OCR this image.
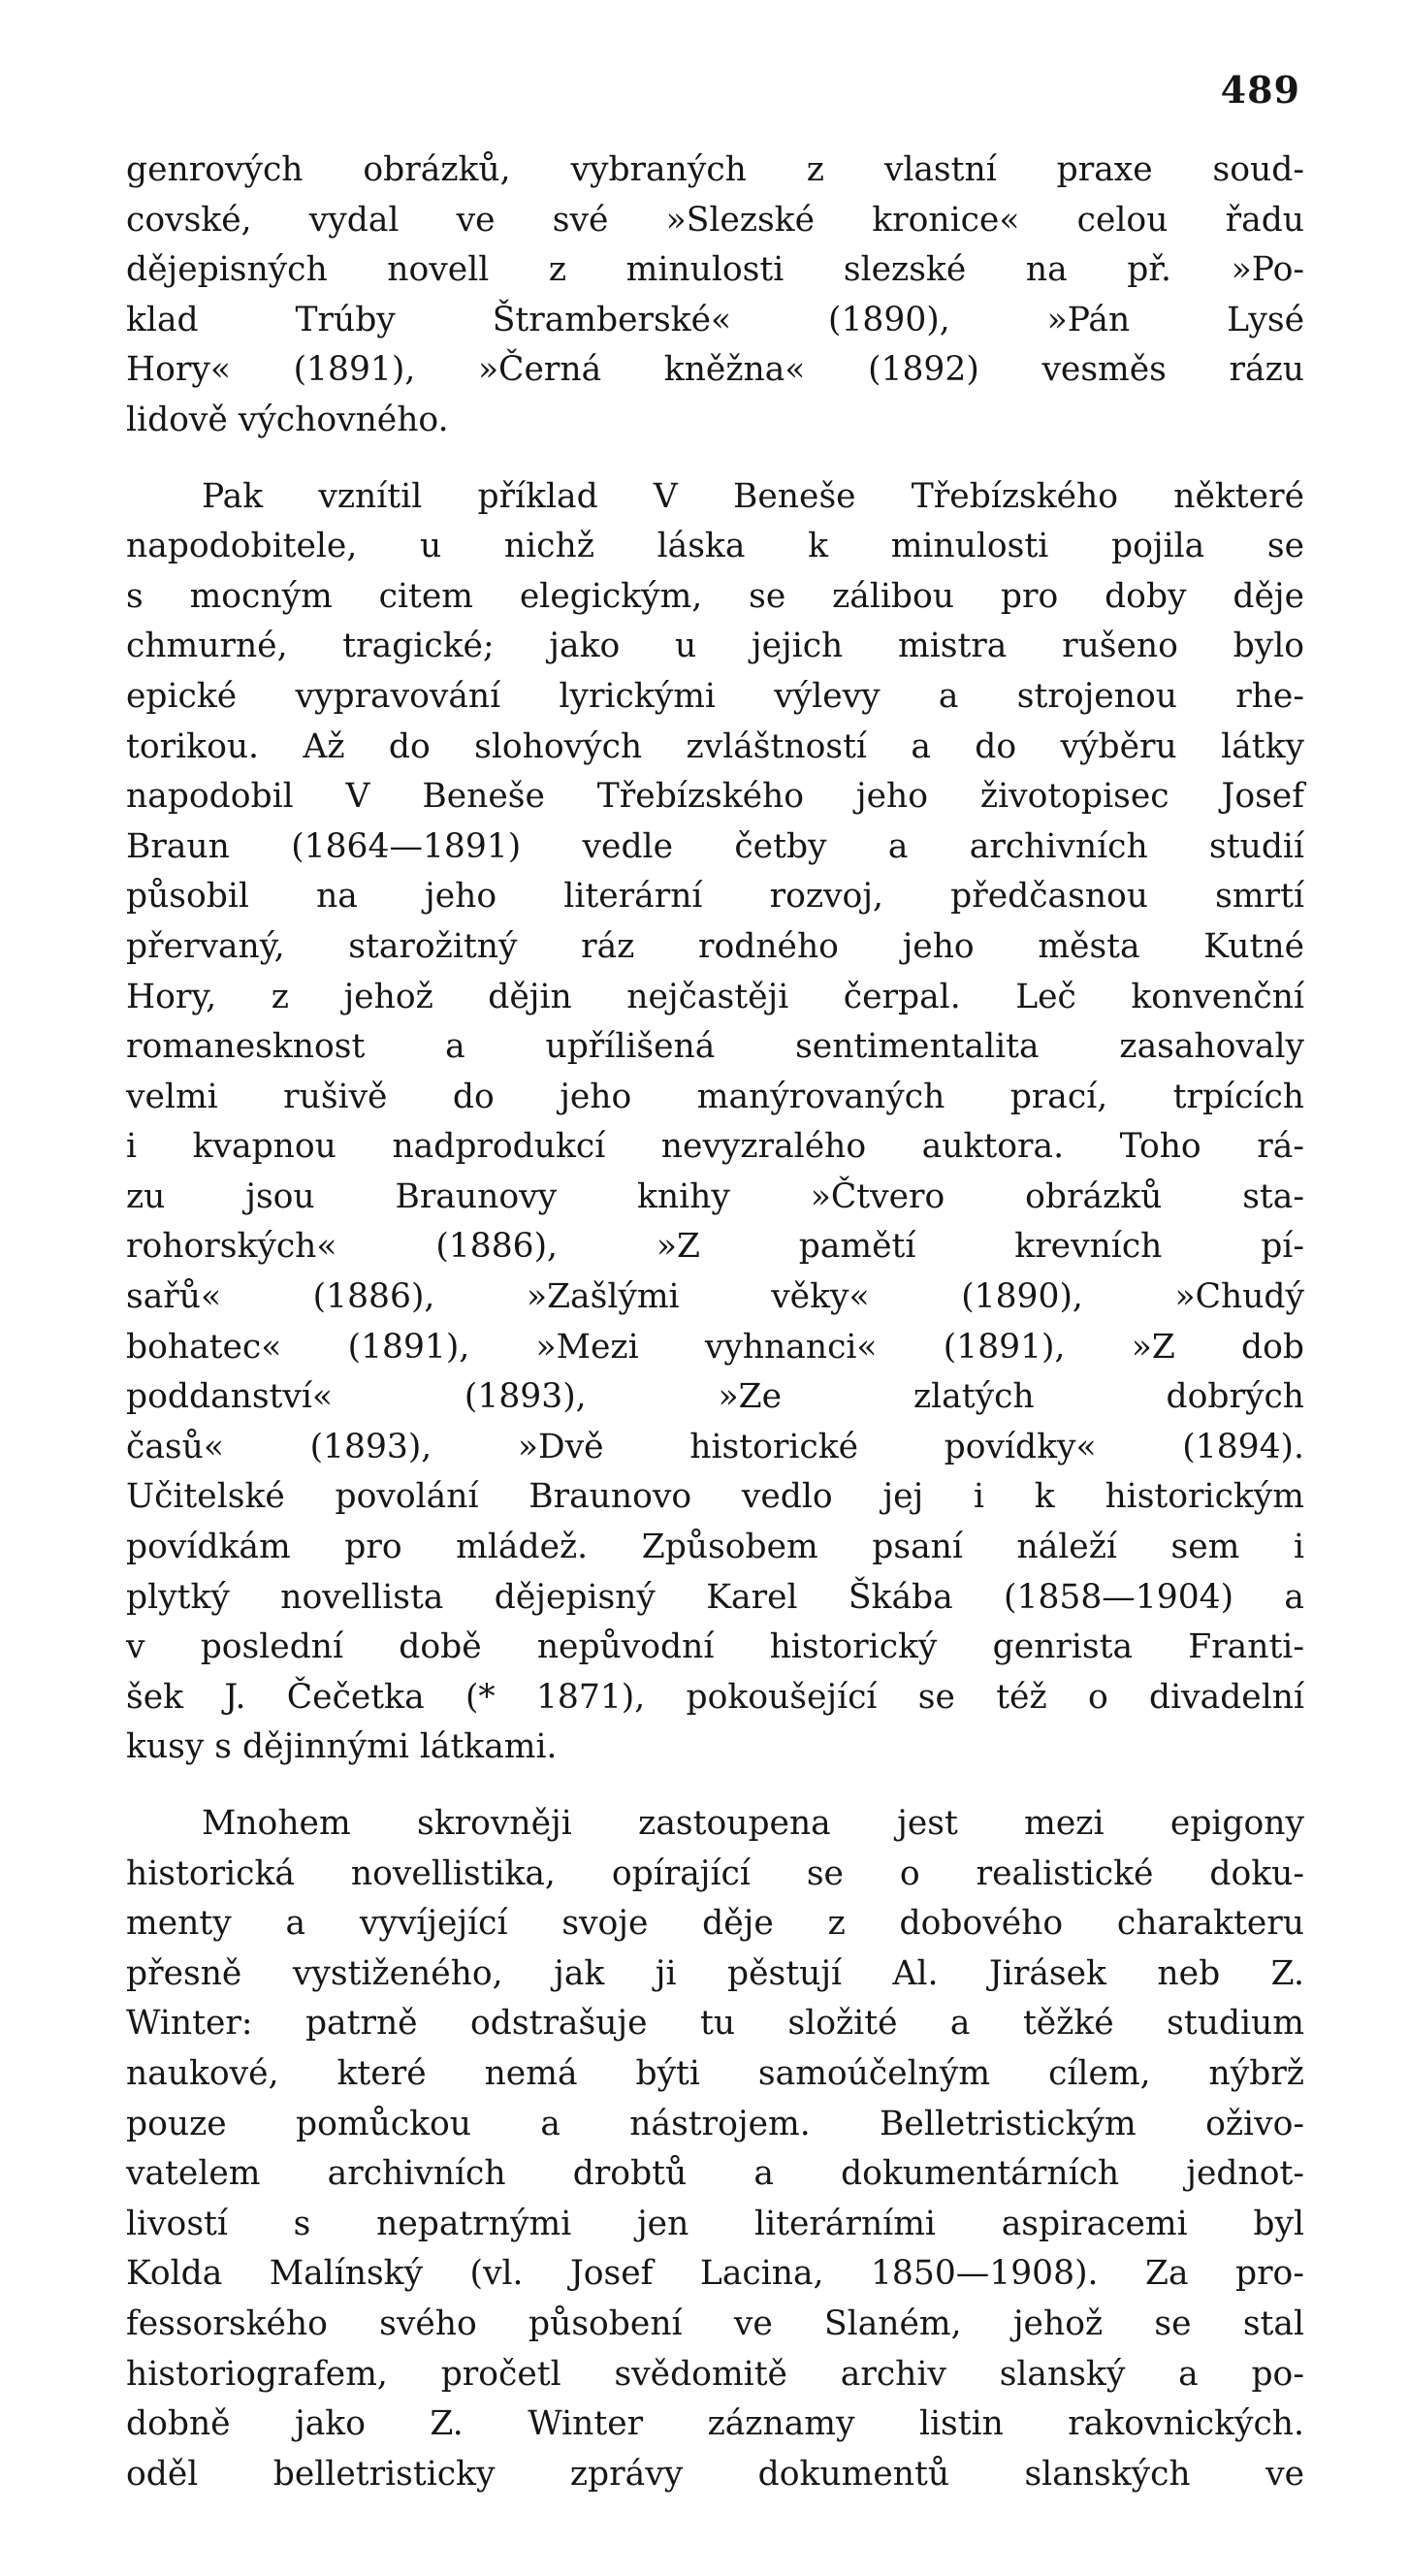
489
genrových obrázků, vybraných z vlastní praxe soud-
covské, vydal ve své »Slezské kronice« celou řadu
dějepisných novell z minulosti slezské na př. »Po-
klad Trúby Štramberské« (1890), »Pán Lysé
Hory« (1891), »Černá kněžna« (1892) vesměs rázu
lidově výchovného.
Pak vznítil příklad V Beneše Třebízského některé
napodobitele, u nichž láska k minulosti pojila se
s mocným citem elegickým, se zálibou pro doby děje
chmurné, tragické; jako u jejich mistra rušeno bylo
epické vypravování lyrickými výlevy a strojenou rhe-
torikou. Až do slohových zvláštností a do výběru látky
napodobil V Beneše Třebízského jeho životopisec Josef
Braun (1864—1891) vedle četby a archivních studií
působil na jeho literární rozvoj, předčasnou smrtí
přervaný, starožitný ráz rodného jeho města Kutné
Hory, z jehož dějin nejčastěji čerpal. Leč konvenční
romanesknost a upřílišená sentimentalita zasahovaly
velmi rušivě do jeho manýrovaných prací, trpících
i kvapnou nadprodukcí nevyzralého auktora. Toho rá-
zu jsou Braunovy knihy »Čtvero obrázků sta-
rohorských« (1886), »Z pamětí krevních pí-
sařů« (1886), »Zašlými věky« (1890), »Chudý
bohatec« (1891), »Mezi vyhnanci« (1891), »Z dob
poddanství« (1893), »Ze zlatých dobrých
časů« (1893), »Dvě historické povídky« (1894).
Učitelské povolání Braunovo vedlo jej i k historickým
povídkám pro mládež. Způsobem psaní náleží sem i
plytký novellista dějepisný Karel Škába (1858—1904) a
v poslední době nepůvodní historický genrista Franti-
šek J. Čečetka (* 1871), pokoušející se též o divadelní
kusy s dějinnými látkami.
Mnohem skrovněji zastoupena jest mezi epigony
historická novellistika, opírající se o realistické doku-
menty a vyvíjející svoje děje z dobového charakteru
přesně vystiženého, jak ji pěstují Al. Jirásek neb Z.
Winter: patrně odstrašuje tu složité a těžké studium
naukové, které nemá býti samoúčelným cílem, nýbrž
pouze pomůckou a nástrojem. Belletristickým oživo-
vatelem archivních drobtů a dokumentárních jednot-
livostí s nepatrnými jen literárními aspiracemi byl
Kolda Malínský (vl. Josef Lacina, 1850—1908). Za pro-
fessorského svého působení ve Slaném, jehož se stal
historiografem, pročetl svědomitě archiv slanský a po-
dobně jako Z. Winter záznamy listin rakovnických.
oděl belletristicky zprávy dokumentů slanských ve
